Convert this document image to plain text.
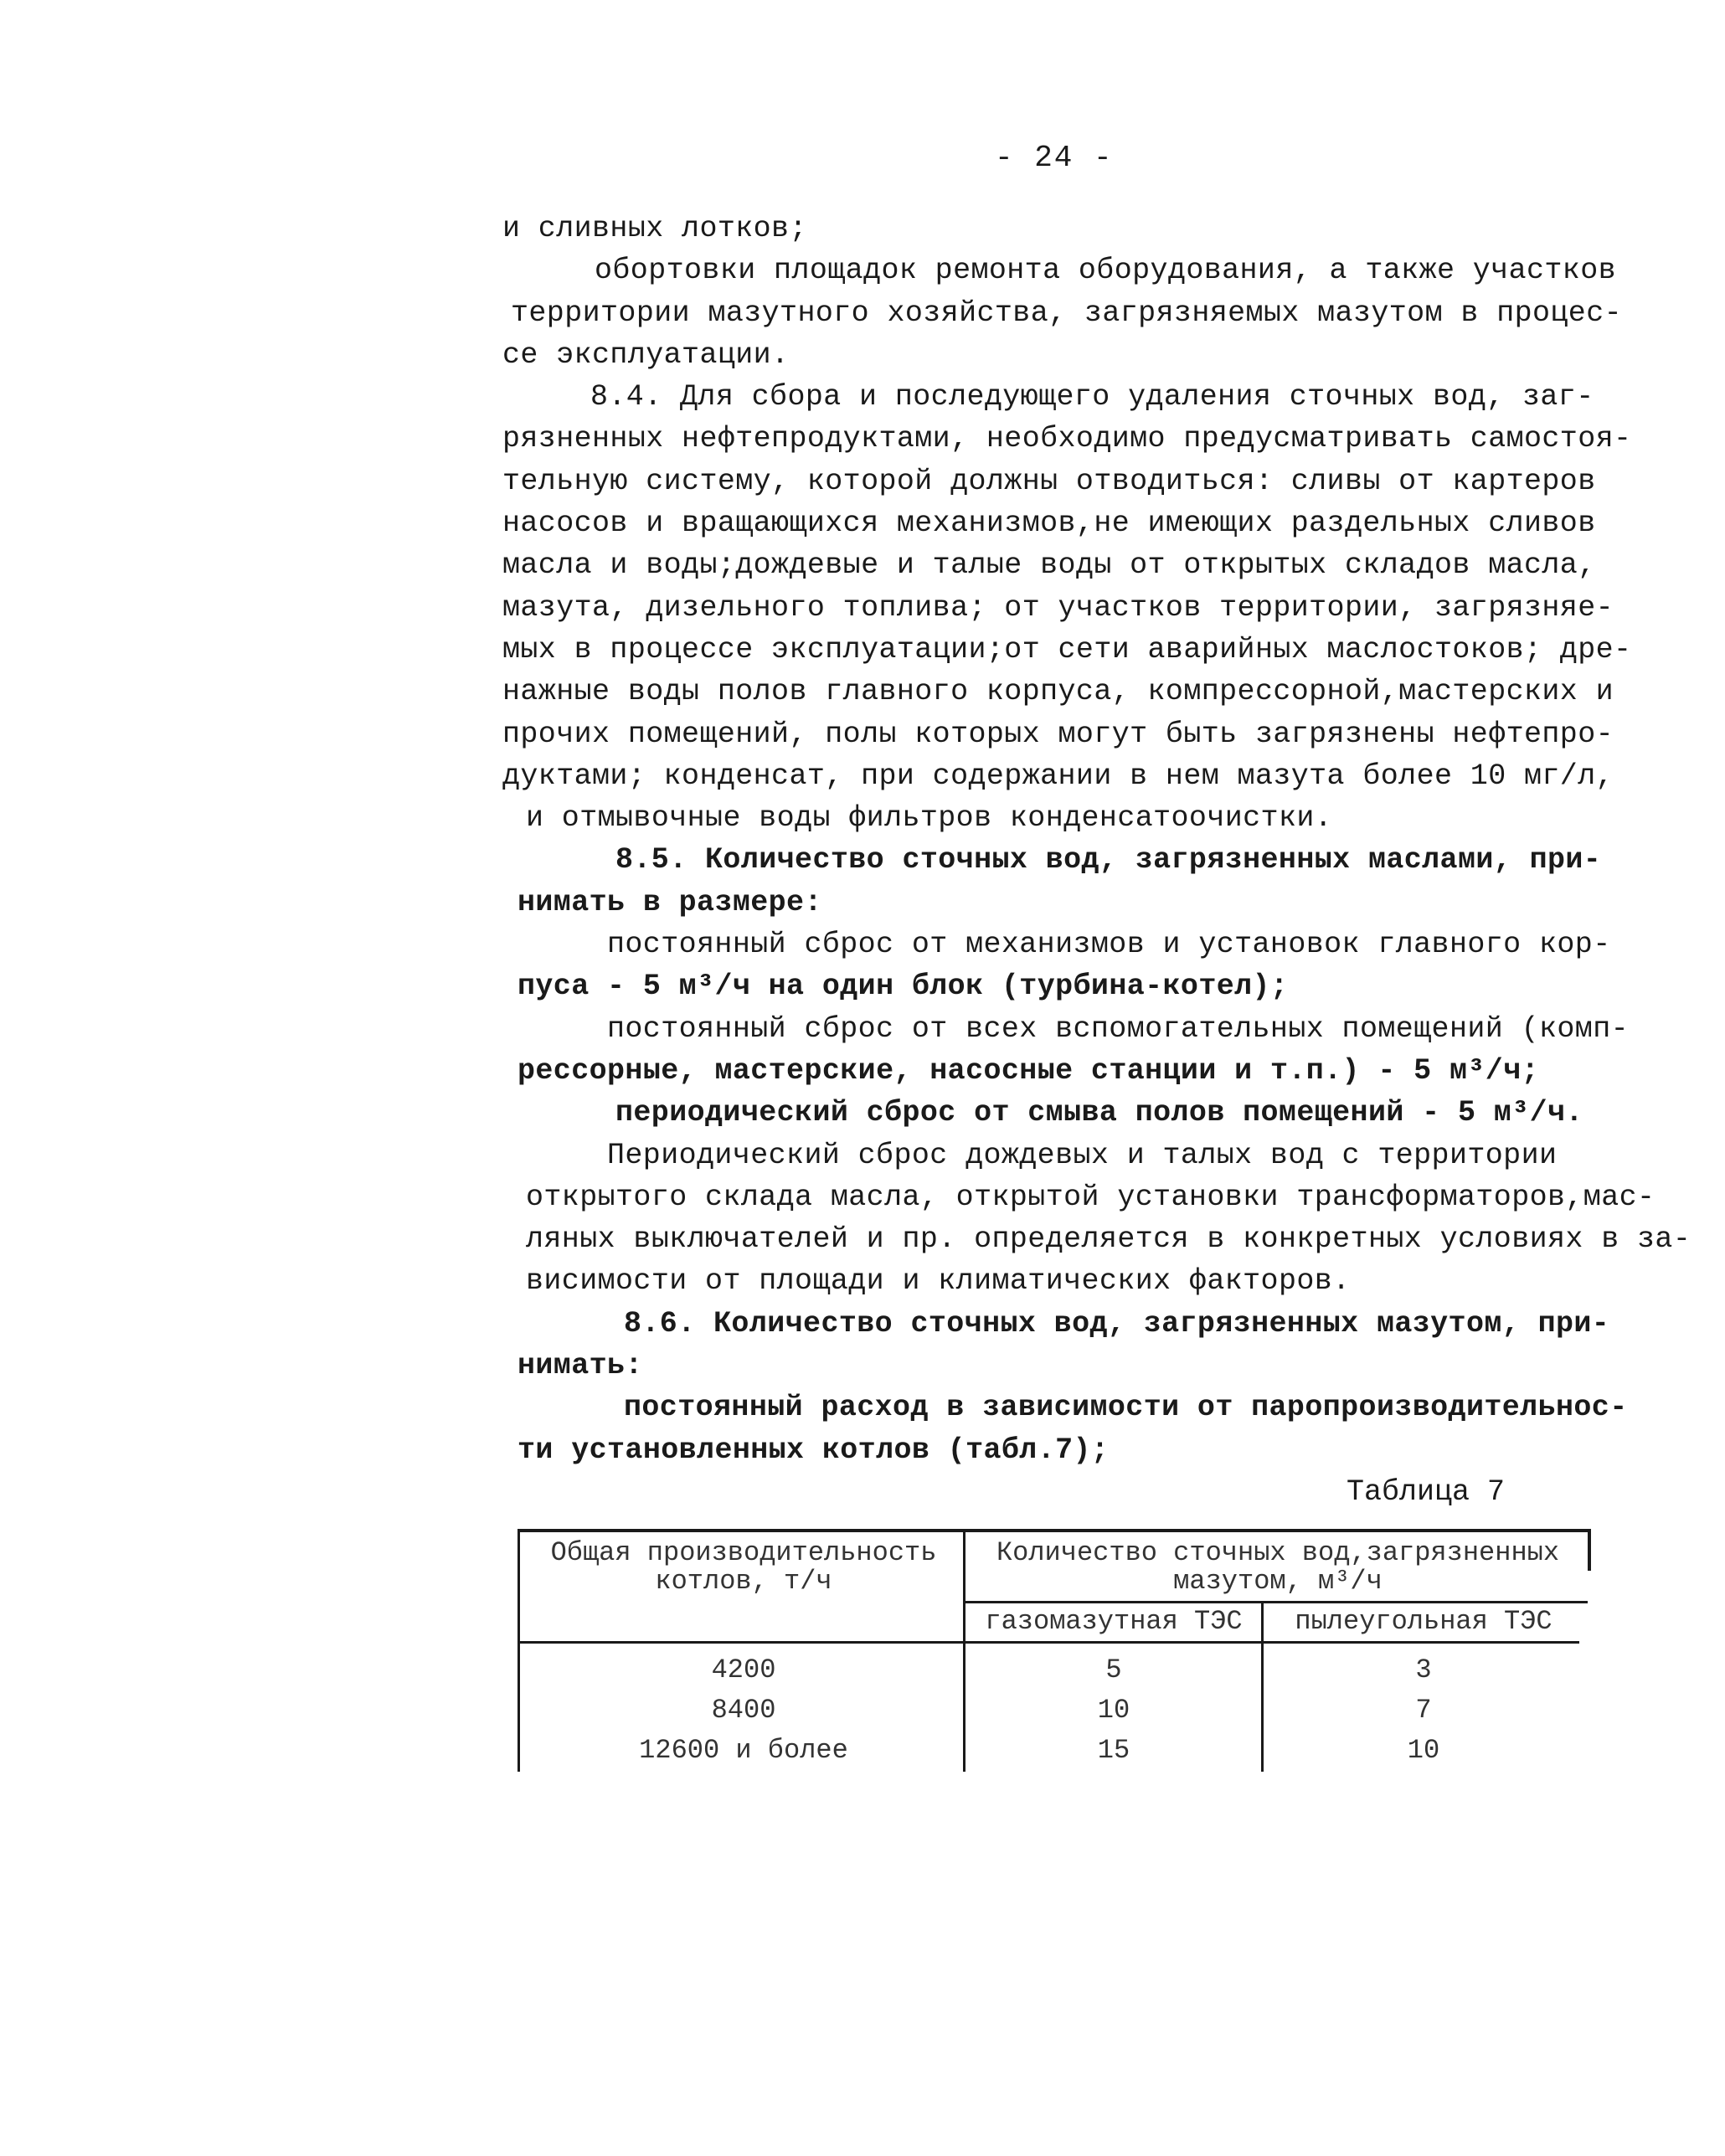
- 24 -
и сливных лотков;
обортовки площадок ремонта оборудования, а также участков
территории мазутного хозяйства, загрязняемых мазутом в процес-
се эксплуатации.
8.4. Для сбора и последующего удаления сточных вод, заг-
рязненных нефтепродуктами, необходимо предусматривать самостоя-
тельную систему, которой должны отводиться: сливы от картеров
насосов и вращающихся механизмов,не имеющих раздельных сливов
масла и воды;дождевые и талые воды от открытых складов масла,
мазута, дизельного топлива; от участков территории, загрязняе-
мых в процессе эксплуатации;от сети аварийных маслостоков; дре-
нажные воды полов главного корпуса, компрессорной,мастерских и
прочих помещений, полы которых могут быть загрязнены нефтепро-
дуктами; конденсат, при содержании в нем мазута более 10 мг/л,
и отмывочные воды фильтров конденсатоочистки.
8.5. Количество сточных вод, загрязненных маслами, при-
нимать в размере:
постоянный сброс от механизмов и установок главного кор-
пуса - 5 м³/ч на один блок (турбина-котел);
постоянный сброс от всех вспомогательных помещений (комп-
рессорные, мастерские, насосные станции и т.п.) - 5 м³/ч;
периодический сброс от смыва полов помещений - 5 м³/ч.
Периодический сброс дождевых и талых вод с территории
открытого склада масла, открытой установки трансформаторов,мас-
ляных выключателей и пр. определяется в конкретных условиях в за-
висимости от площади и климатических факторов.
8.6. Количество сточных вод, загрязненных мазутом, при-
нимать:
постоянный расход в зависимости от паропроизводительнос-
ти установленных котлов (табл.7);
Таблица 7
Общая производительность котлов, т/ч
Количество сточных вод,загрязненных мазутом, м³/ч
газомазутная ТЭС	пылеугольная ТЭС
4200	5	3
8400	10	7
12600 и более	15	10
